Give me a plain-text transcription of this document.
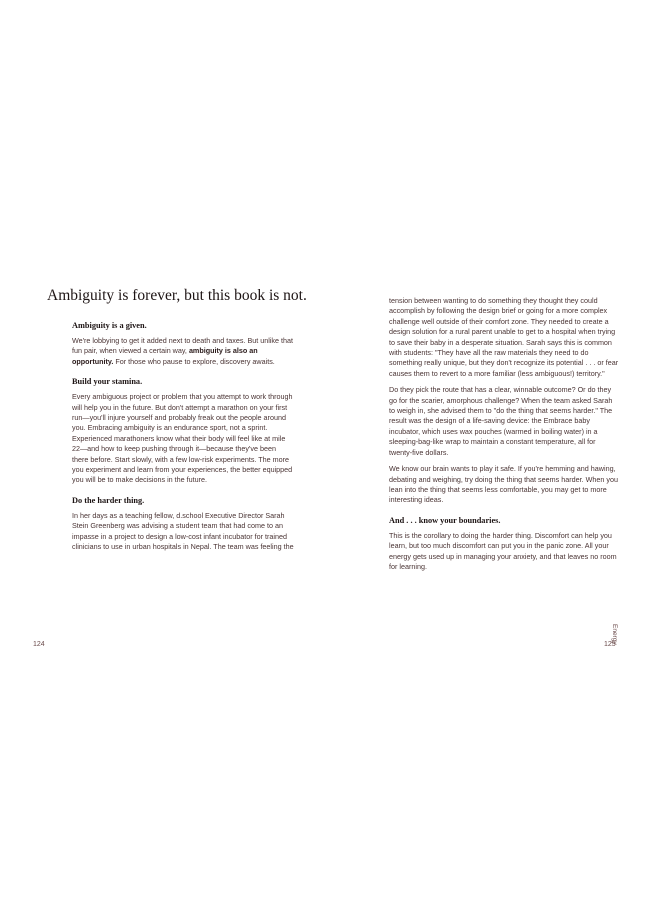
Ambiguity is forever, but this book is not.
Ambiguity is a given.

We're lobbying to get it added next to death and taxes. But unlike that fun pair, when viewed a certain way, ambiguity is also an opportunity. For those who pause to explore, discovery awaits.

Build your stamina.

Every ambiguous project or problem that you attempt to work through will help you in the future. But don't attempt a marathon on your first run—you'll injure yourself and probably freak out the people around you. Embracing ambiguity is an endurance sport, not a sprint. Experienced marathoners know what their body will feel like at mile 22—and how to keep pushing through it—because they've been there before. Start slowly, with a few low-risk experiments. The more you experiment and learn from your experiences, the better equipped you will be to make decisions in the future.

Do the harder thing.

In her days as a teaching fellow, d.school Executive Director Sarah Stein Greenberg was advising a student team that had come to an impasse in a project to design a low-cost infant incubator for trained clinicians to use in urban hospitals in Nepal. The team was feeling the

124

tension between wanting to do something they thought they could accomplish by following the design brief or going for a more complex challenge well outside of their comfort zone. They needed to create a design solution for a rural parent unable to get to a hospital when trying to save their baby in a desperate situation. Sarah says this is common with students: "They have all the raw materials they need to do something really unique, but they don't recognize its potential . . . or fear causes them to revert to a more familiar (less ambiguous!) territory."

Do they pick the route that has a clear, winnable outcome? Or do they go for the scarier, amorphous challenge? When the team asked Sarah to weigh in, she advised them to "do the thing that seems harder." The result was the design of a life-saving device: the Embrace baby incubator, which uses wax pouches (warmed in boiling water) in a sleeping-bag-like wrap to maintain a constant temperature, all for twenty-five dollars.

We know our brain wants to play it safe. If you're hemming and hawing, debating and weighing, try doing the thing that seems harder. When you lean into the thing that seems less comfortable, you may get to more interesting ideas.

And . . . know your boundaries.

This is the corollary to doing the harder thing. Discomfort can help you learn, but too much discomfort can put you in the panic zone. All your energy gets used up in managing your anxiety, and that leaves no room for learning.

125
Energy
